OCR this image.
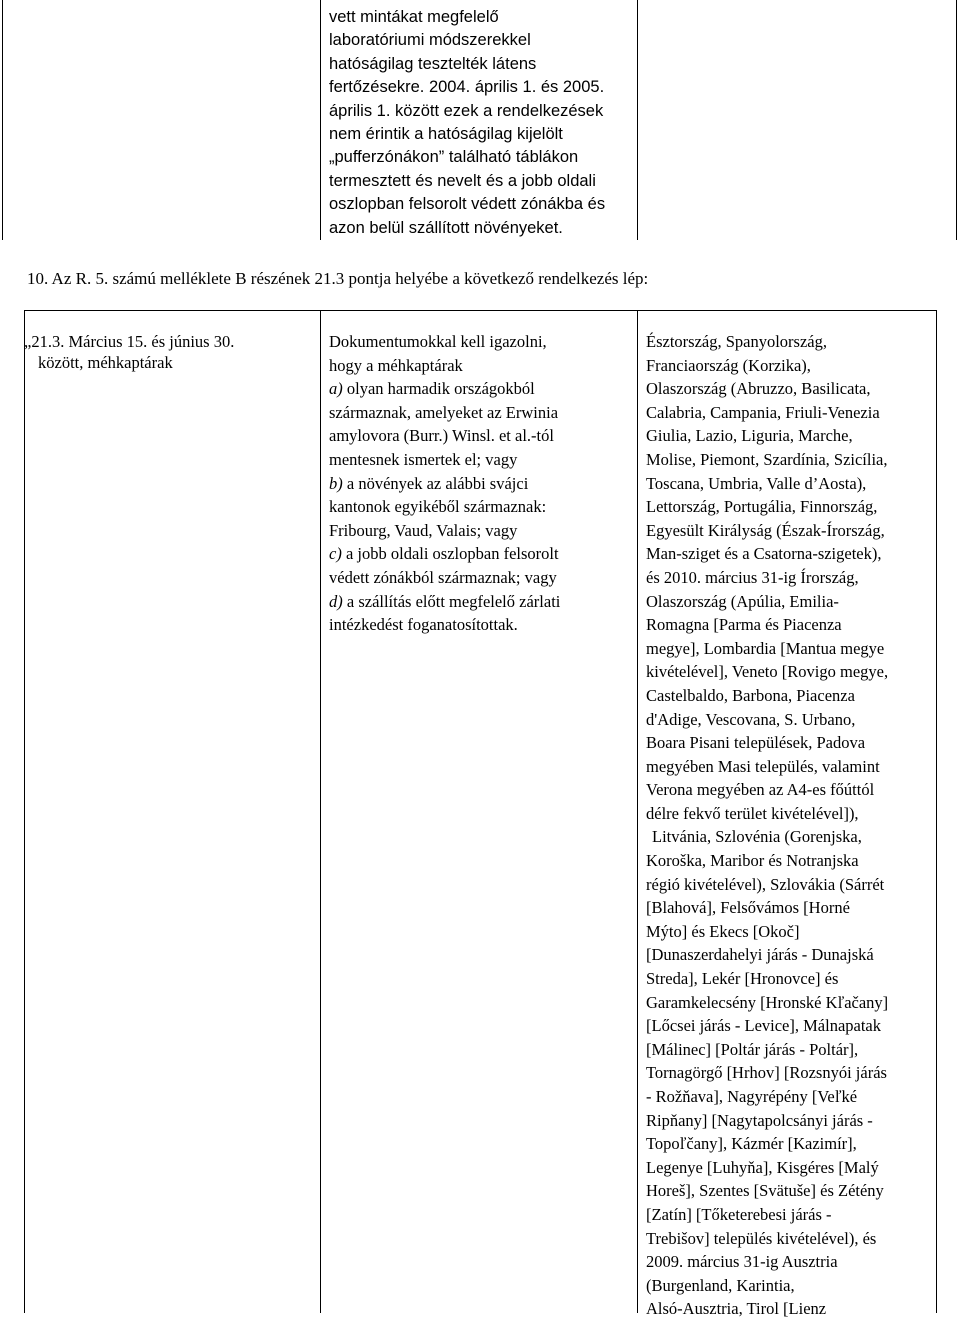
vett mintákat megfelelő
laboratóriumi módszerekkel
hatóságilag tesztelték látens
fertőzésekre. 2004. április 1. és 2005.
április 1. között ezek a rendelkezések
nem érintik a hatóságilag kijelölt
„pufferzónákon” található táblákon
termesztett és nevelt és a jobb oldali
oszlopban felsorolt védett zónákba és
azon belül szállított növényeket.
10. Az R. 5. számú melléklete B részének 21.3 pontja helyébe a következő rendelkezés lép:
„21.3. Március 15. és június 30.
között, méhkaptárak
Dokumentumokkal kell igazolni,
hogy a méhkaptárak
a) olyan harmadik országokból
származnak, amelyeket az Erwinia
amylovora (Burr.) Winsl. et al.-tól
mentesnek ismertek el; vagy
b) a növények az alábbi svájci
kantonok egyikéből származnak:
Fribourg, Vaud, Valais; vagy
c) a jobb oldali oszlopban felsorolt
védett zónákból származnak; vagy
d) a szállítás előtt megfelelő zárlati
intézkedést foganatosítottak.
Észtország, Spanyolország,
Franciaország (Korzika),
Olaszország (Abruzzo, Basilicata,
Calabria, Campania, Friuli-Venezia
Giulia, Lazio, Liguria, Marche,
Molise, Piemont, Szardínia, Szicília,
Toscana, Umbria, Valle d’Aosta),
Lettország, Portugália, Finnország,
Egyesült Királyság (Észak-Írország,
Man-sziget és a Csatorna-szigetek),
és 2010. március 31-ig Írország,
Olaszország (Apúlia, Emilia-
Romagna [Parma és Piacenza
megye], Lombardia [Mantua megye
kivételével], Veneto [Rovigo megye,
Castelbaldo, Barbona, Piacenza
d'Adige, Vescovana, S. Urbano,
Boara Pisani települések, Padova
megyében Masi település, valamint
Verona megyében az A4-es főúttól
délre fekvő terület kivételével]),
Litvánia, Szlovénia (Gorenjska,
Koroška, Maribor és Notranjska
régió kivételével), Szlovákia (Sárrét
[Blahová], Felsővámos [Horné
Mýto] és Ekecs [Okoč]
[Dunaszerdahelyi járás - Dunajská
Streda], Lekér [Hronovce] és
Garamkelecsény [Hronské Kľačany]
[Lőcsei járás - Levice], Málnapatak
[Málinec] [Poltár járás - Poltár],
Tornagörgő [Hrhov] [Rozsnyói járás
- Rožňava], Nagyrépény [Veľké
Ripňany] [Nagytapolcsányi járás -
Topoľčany], Kázmér [Kazimír],
Legenye [Luhyňa], Kisgéres [Malý
Horeš], Szentes [Svätuše] és Zétény
[Zatín] [Tőketerebesi járás -
Trebišov] település kivételével), és
2009. március 31-ig Ausztria
(Burgenland, Karintia,
Alsó-Ausztria, Tirol [Lienz
